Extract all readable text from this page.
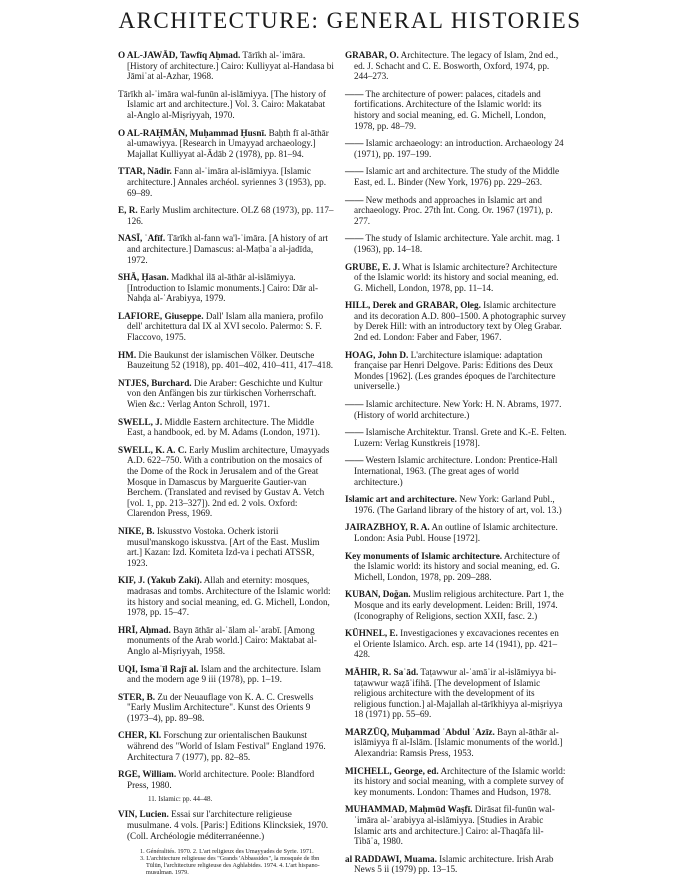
ARCHITECTURE: GENERAL HISTORIES
O AL-JAWĀD, Tawfīq Aḥmad. Tārīkh al-ʿimāra. [History of architecture.] Cairo: Kulliyyat al-Handasa bi Jāmiʿat al-Azhar, 1968.
Tārīkh al-ʿimāra wal-funūn al-islāmiyya. [The history of Islamic art and architecture.] Vol. 3. Cairo: Makatabat al-Anglo al-Miṣriyyah, 1970.
O AL-RAḤMĀN, Muḥammad Ḥusnī. Baḥth fī al-āthār al-umawiyya. [Research in Umayyad archaeology.] Majallat Kulliyyat al-Ādāb 2 (1978), pp. 81–94.
TTAR, Nādir. Fann al-ʿimāra al-islāmiyya. [Islamic architecture.] Annales archéol. syriennes 3 (1953), pp. 69–89.
E, R. Early Muslim architecture. OLZ 68 (1973), pp. 117–126.
NASĪ, ʿAfīf. Tārīkh al-fann wa'l-ʿimāra. [A history of art and architecture.] Damascus: al-Maṭbaʿa al-jadīda, 1972.
SHĀ, Ḥasan. Madkhal ilā al-āthār al-islāmiyya. [Introduction to Islamic monuments.] Cairo: Dār al-Nahḍa al-ʿArabiyya, 1979.
LAFIORE, Giuseppe. Dall' Islam alla maniera, profilo dell' architettura dal IX al XVI secolo. Palermo: S. F. Flaccovo, 1975.
HM. Die Baukunst der islamischen Völker. Deutsche Bauzeitung 52 (1918), pp. 401–402, 410–411, 417–418.
NTJES, Burchard. Die Araber: Geschichte und Kultur von den Anfängen bis zur türkischen Vorherrschaft. Wien &c.: Verlag Anton Schroll, 1971.
SWELL, J. Middle Eastern architecture. The Middle East, a handbook, ed. by M. Adams (London, 1971).
SWELL, K. A. C. Early Muslim architecture, Umayyads A.D. 622–750. With a contribution on the mosaics of the Dome of the Rock in Jerusalem and of the Great Mosque in Damascus by Marguerite Gautier-van Berchem. (Translated and revised by Gustav A. Vetch [vol. 1, pp. 213–327]). 2nd ed. 2 vols. Oxford: Clarendon Press, 1969.
NIKE, B. Iskusstvo Vostoka. Ocherk istorii musul'manskogo iskusstva. [Art of the East. Muslim art.] Kazan: Izd. Komiteta Izd-va i pechati ATSSR, 1923.
KIF, J. (Yakub Zaki). Allah and eternity: mosques, madrasas and tombs. Architecture of the Islamic world: its history and social meaning, ed. G. Michell, London, 1978, pp. 15–47.
HRĪ, Aḥmad. Bayn āthār al-ʿālam al-ʿarabī. [Among monuments of the Arab world.] Cairo: Maktabat al-Anglo al-Miṣriyyah, 1958.
UQI, Ismaʿīl Rajī al. Islam and the architecture. Islam and the modern age 9 iii (1978), pp. 1–19.
STER, B. Zu der Neuauflage von K. A. C. Creswells "Early Muslim Architecture". Kunst des Orients 9 (1973–4), pp. 89–98.
CHER, Kl. Forschung zur orientalischen Baukunst während des "World of Islam Festival" England 1976. Architectura 7 (1977), pp. 82–85.
RGE, William. World architecture. Poole: Blandford Press, 1980.
11. Islamic: pp. 44–48.
VIN, Lucien. Essai sur l'architecture religieuse musulmane. 4 vols. [Paris:] Editions Klincksiek, 1970. (Coll. Archéologie méditerranéenne.)
1. Généralités. 1970. 2. L'art religieux des Umayyades de Syrie. 1971.
3. L'architecture religieuse des "Grands 'Abbassides", la mosquée de Ibn Tūlūn, l'architecture religieuse des Aghlabides. 1974. 4. L'art hispano-musulman. 1979.
GRABAR, O. Architecture. The legacy of Islam, 2nd ed., ed. J. Schacht and C. E. Bosworth, Oxford, 1974, pp. 244–273.
—— The architecture of power: palaces, citadels and fortifications. Architecture of the Islamic world: its history and social meaning, ed. G. Michell, London, 1978, pp. 48–79.
—— Islamic archaeology: an introduction. Archaeology 24 (1971), pp. 197–199.
—— Islamic art and architecture. The study of the Middle East, ed. L. Binder (New York, 1976) pp. 229–263.
—— New methods and approaches in Islamic art and archaeology. Proc. 27th Int. Cong. Or. 1967 (1971), p. 277.
—— The study of Islamic architecture. Yale archit. mag. 1 (1963), pp. 14–18.
GRUBE, E. J. What is Islamic architecture? Architecture of the Islamic world: its history and social meaning, ed. G. Michell, London, 1978, pp. 11–14.
HILL, Derek and GRABAR, Oleg. Islamic architecture and its decoration A.D. 800–1500. A photographic survey by Derek Hill: with an introductory text by Oleg Grabar. 2nd ed. London: Faber and Faber, 1967.
HOAG, John D. L'architecture islamique: adaptation française par Henri Delgove. Paris: Editions des Deux Mondes [1962]. (Les grandes époques de l'architecture universelle.)
—— Islamic architecture. New York: H. N. Abrams, 1977. (History of world architecture.)
—— Islamische Architektur. Transl. Grete and K.-E. Felten. Luzern: Verlag Kunstkreis [1978].
—— Western Islamic architecture. London: Prentice-Hall International, 1963. (The great ages of world architecture.)
Islamic art and architecture. New York: Garland Publ., 1976. (The Garland library of the history of art, vol. 13.)
JAIRAZBHOY, R. A. An outline of Islamic architecture. London: Asia Publ. House [1972].
Key monuments of Islamic architecture. Architecture of the Islamic world: its history and social meaning, ed. G. Michell, London, 1978, pp. 209–288.
KUBAN, Doğan. Muslim religious architecture. Part 1, the Mosque and its early development. Leiden: Brill, 1974. (Iconography of Religions, section XXII, fasc. 2.)
KÜHNEL, E. Investigaciones y excavaciones recentes en el Oriente Islamico. Arch. esp. arte 14 (1941), pp. 421–428.
MĀHIR, R. Saʿād. Taṭawwur al-ʿamāʾir al-islāmiyya bi-taṭawwur waẓāʾifihā. [The development of Islamic religious architecture with the development of its religious function.] al-Majallah al-tārīkhiyya al-miṣriyya 18 (1971) pp. 55–69.
MARZŪQ, Muḥammad ʿAbdul ʿAzīz. Bayn al-āthār al-islāmiyya fī al-Islām. [Islamic monuments of the world.] Alexandria: Ramsis Press, 1953.
MICHELL, George, ed. Architecture of the Islamic world: its history and social meaning, with a complete survey of key monuments. London: Thames and Hudson, 1978.
MUHAMMAD, Maḥmūd Waṣfī. Dirāsat fil-funūn wal-ʿimāra al-ʿarabiyya al-islāmiyya. [Studies in Arabic Islamic arts and architecture.] Cairo: al-Thaqāfa lil-Tibāʿa, 1980.
al RADDAWI, Muama. Islamic architecture. Irish Arab News 5 ii (1979) pp. 13–15.
